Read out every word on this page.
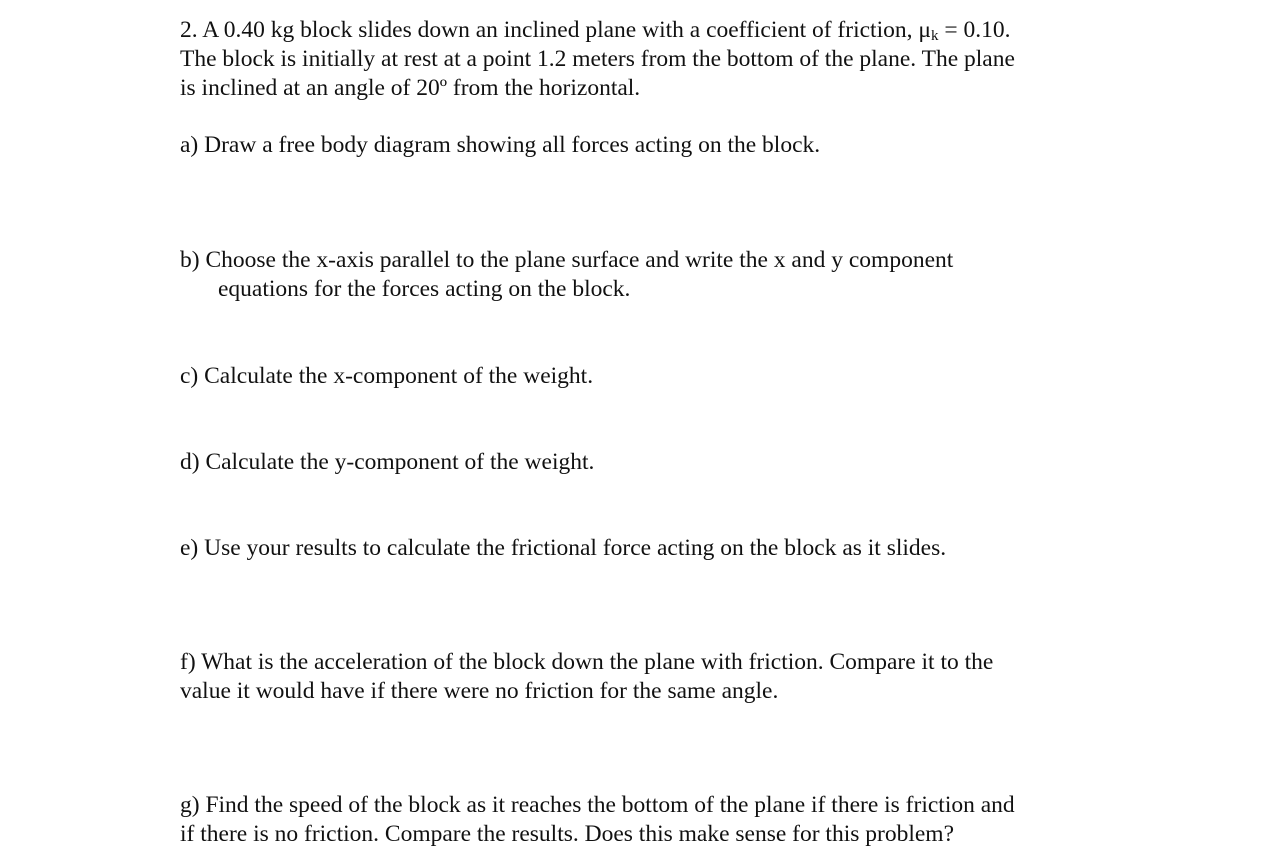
2. A 0.40 kg block slides down an inclined plane with a coefficient of friction, $\mu_k = 0.10$.
The block is initially at rest at a point 1.2 meters from the bottom of the plane. The plane
is inclined at an angle of 20º from the horizontal.
a) Draw a free body diagram showing all forces acting on the block.
b) Choose the x-axis parallel to the plane surface and write the x and y component
equations for the forces acting on the block.
c) Calculate the x-component of the weight.
d) Calculate the y-component of the weight.
e) Use your results to calculate the frictional force acting on the block as it slides.
f) What is the acceleration of the block down the plane with friction. Compare it to the
value it would have if there were no friction for the same angle.
g) Find the speed of the block as it reaches the bottom of the plane if there is friction and
if there is no friction. Compare the results. Does this make sense for this problem?
